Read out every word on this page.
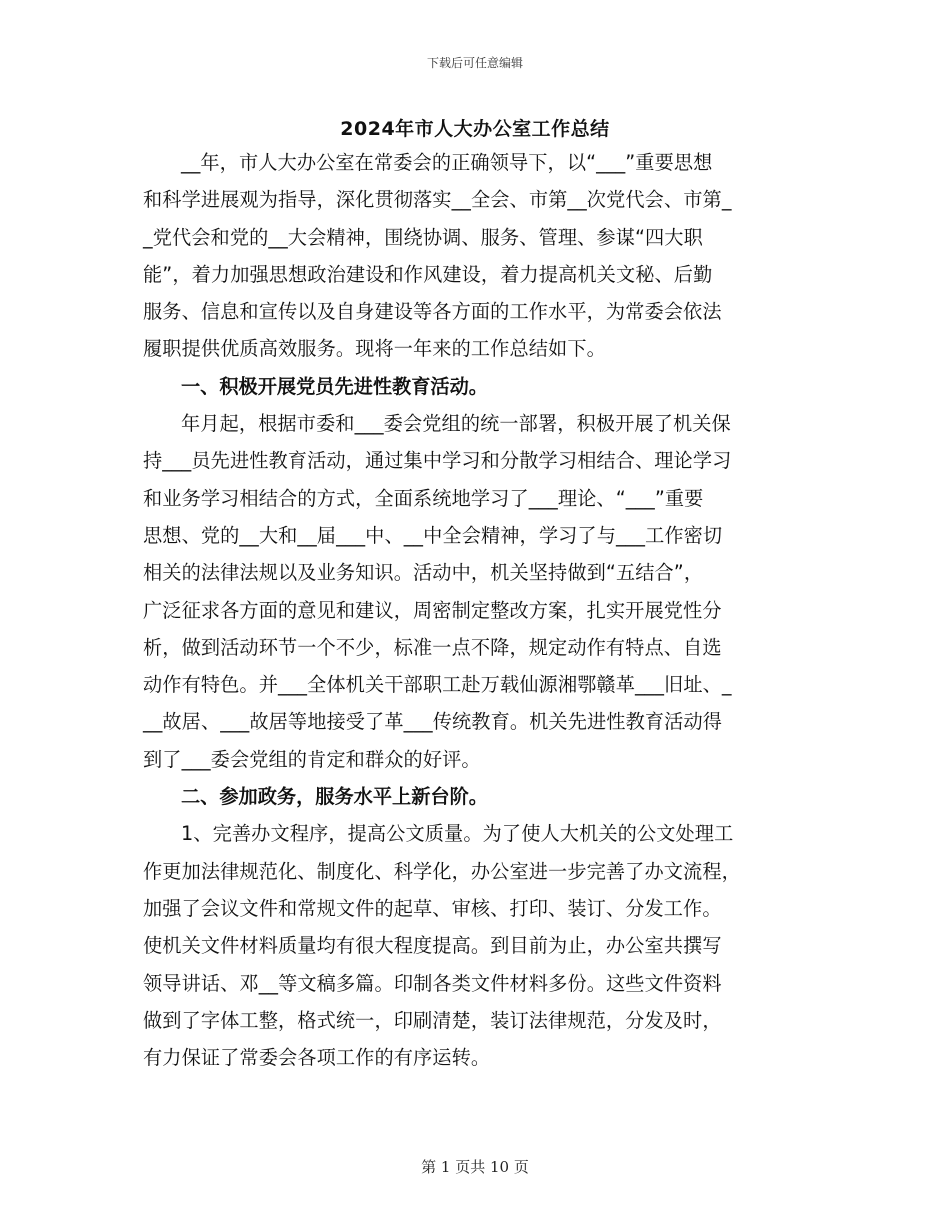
下载后可任意编辑
2024年市人大办公室工作总结
__年，市人大办公室在常委会的正确领导下，以“___”重要思想
和科学进展观为指导，深化贯彻落实__全会、市第__次党代会、市第_
_党代会和党的__大会精神，围绕协调、服务、管理、参谋“四大职
能”，着力加强思想政治建设和作风建设，着力提高机关文秘、后勤
服务、信息和宣传以及自身建设等各方面的工作水平，为常委会依法
履职提供优质高效服务。现将一年来的工作总结如下。
一、积极开展党员先进性教育活动。
年月起，根据市委和___委会党组的统一部署，积极开展了机关保
持___员先进性教育活动，通过集中学习和分散学习相结合、理论学习
和业务学习相结合的方式，全面系统地学习了___理论、“___”重要
思想、党的__大和__届___中、__中全会精神，学习了与___工作密切
相关的法律法规以及业务知识。活动中，机关坚持做到“五结合”，
广泛征求各方面的意见和建议，周密制定整改方案，扎实开展党性分
析，做到活动环节一个不少，标准一点不降，规定动作有特点、自选
动作有特色。并___全体机关干部职工赴万载仙源湘鄂赣革___旧址、_
__故居、___故居等地接受了革___传统教育。机关先进性教育活动得
到了___委会党组的肯定和群众的好评。
二、参加政务，服务水平上新台阶。
1、完善办文程序，提高公文质量。为了使人大机关的公文处理工
作更加法律规范化、制度化、科学化，办公室进一步完善了办文流程，
加强了会议文件和常规文件的起草、审核、打印、装订、分发工作。
使机关文件材料质量均有很大程度提高。到目前为止，办公室共撰写
领导讲话、邓__等文稿多篇。印制各类文件材料多份。这些文件资料
做到了字体工整，格式统一，印刷清楚，装订法律规范，分发及时，
有力保证了常委会各项工作的有序运转。
第 1 页共 10 页
